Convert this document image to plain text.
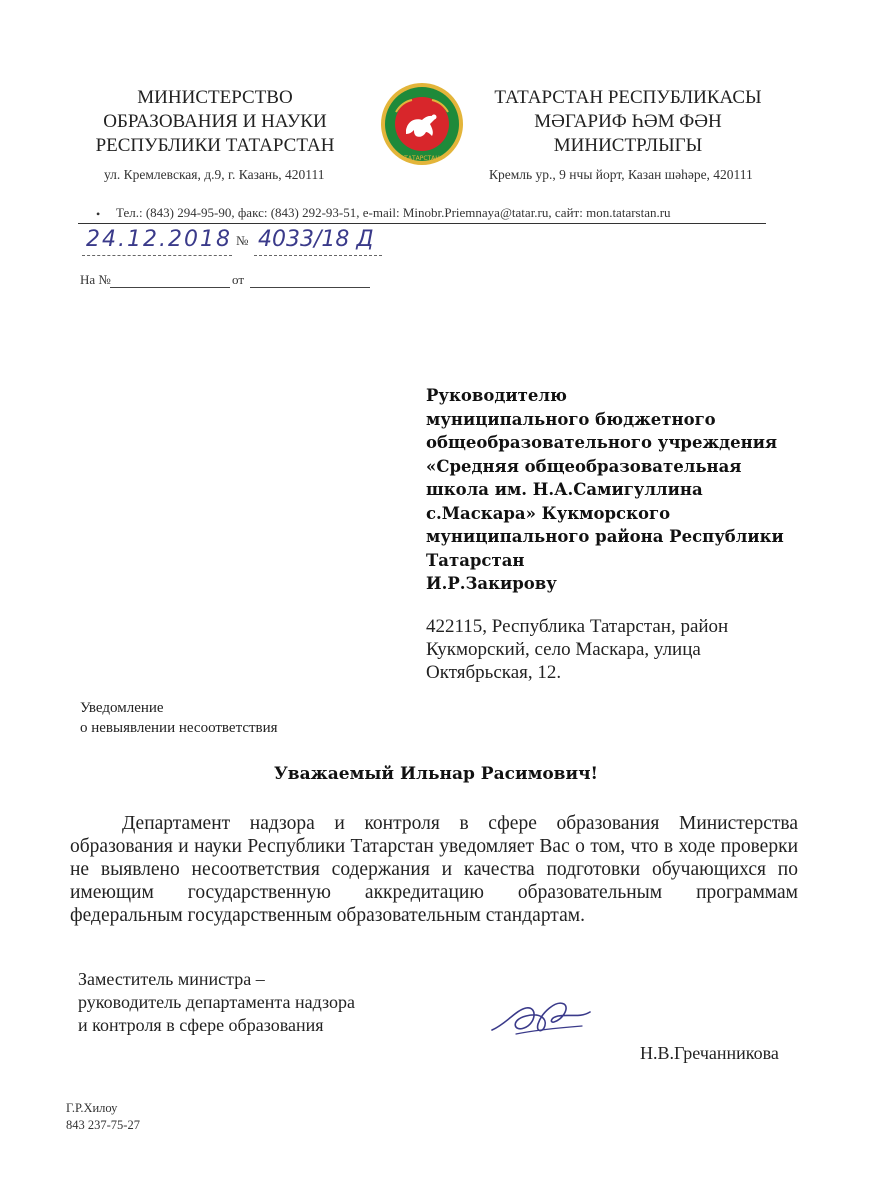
МИНИСТЕРСТВО
ОБРАЗОВАНИЯ И НАУКИ
РЕСПУБЛИКИ ТАТАРСТАН
ТАТАРСТАН
ТАТАРСТАН РЕСПУБЛИКАСЫ
МӘГАРИФ ҺӘМ ФӘН
МИНИСТРЛЫГЫ
ул. Кремлевская, д.9, г. Казань, 420111	Кремль ур., 9 нчы йорт, Казан шәһәре, 420111
• Тел.: (843) 294-95-90, факс: (843) 292-93-51, e-mail: Minobr.Priemnaya@tatar.ru, сайт: mon.tatarstan.ru
24.12.2018 № 4033/18 Д
На №	от
Руководителю
муниципального бюджетного
общеобразовательного учреждения
«Средняя общеобразовательная
школа им. Н.А.Самигуллина
с.Маскара» Кукморского
муниципального района Республики
Татарстан
И.Р.Закирову
422115, Республика Татарстан, район
Кукморский, село Маскара, улица
Октябрьская, 12.
Уведомление
о невыявлении несоответствия
Уважаемый Ильнар Расимович!
Департамент надзора и контроля в сфере образования Министерства образования и науки Республики Татарстан уведомляет Вас о том, что в ходе проверки не выявлено несоответствия содержания и качества подготовки обучающихся по имеющим государственную аккредитацию образовательным программам федеральным государственным образовательным стандартам.
Заместитель министра –
руководитель департамента надзора
и контроля в сфере образования
Н.В.Гречанникова
Г.Р.Хилоу
843 237-75-27
